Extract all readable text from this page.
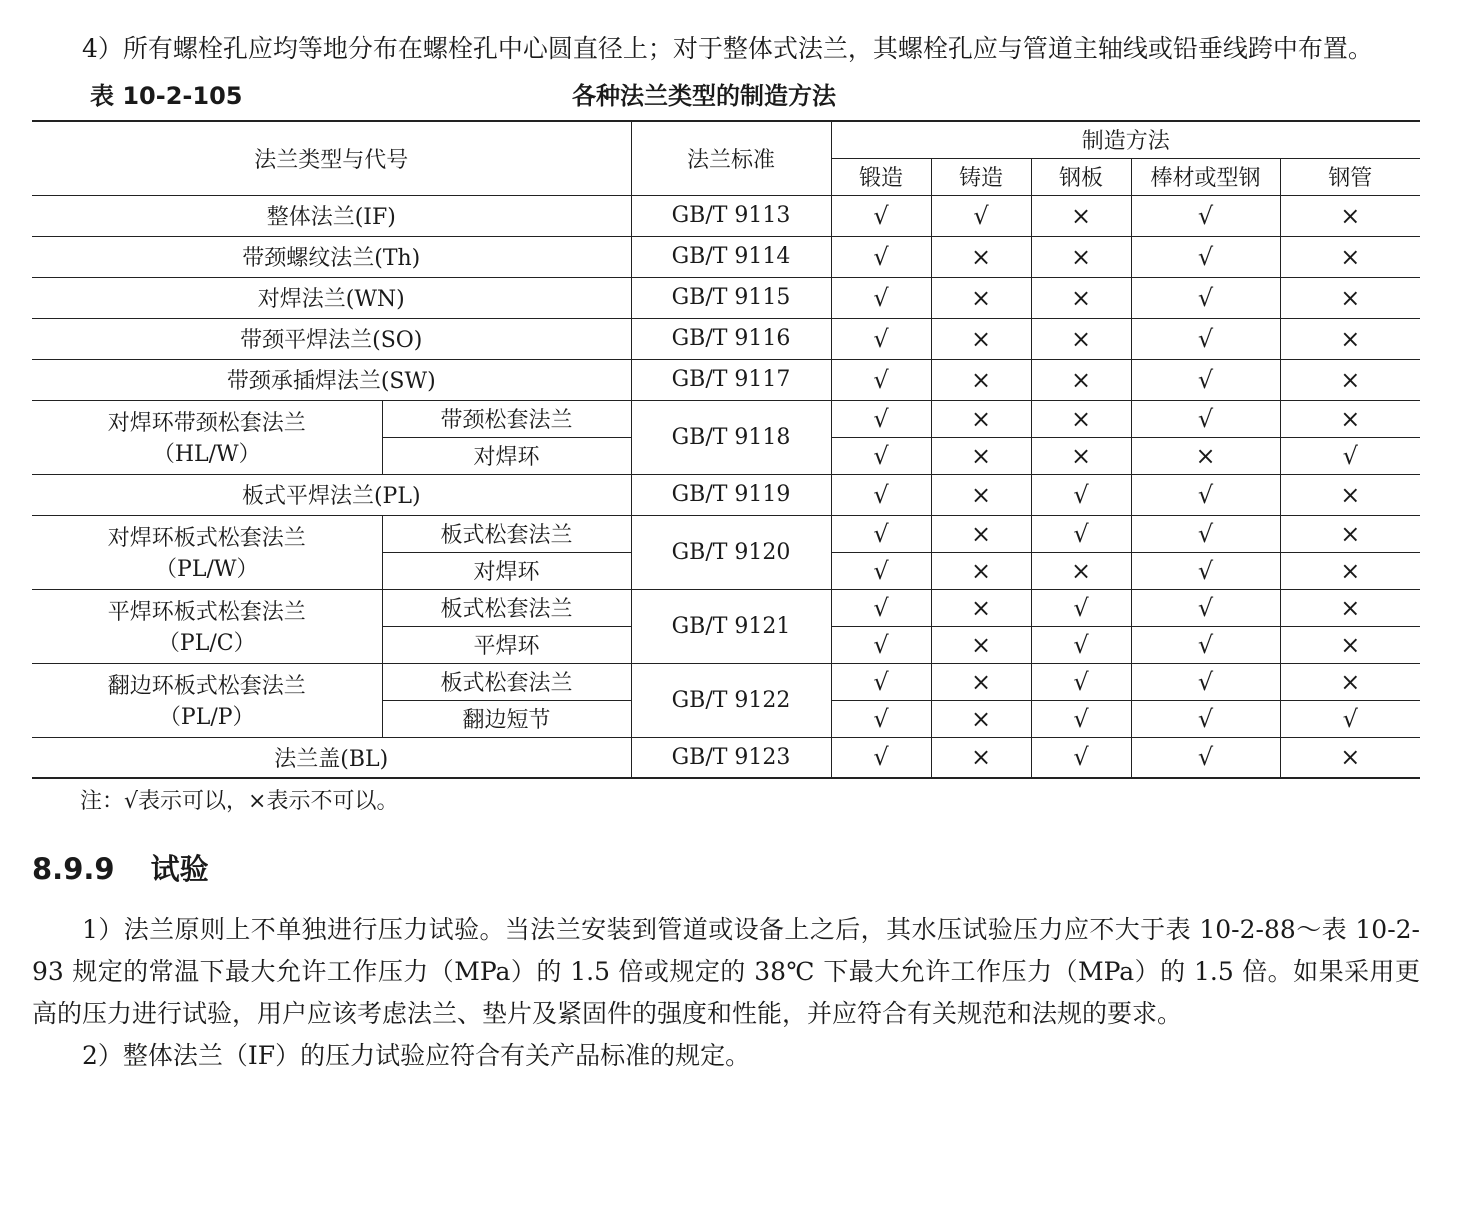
4）所有螺栓孔应均等地分布在螺栓孔中心圆直径上；对于整体式法兰，其螺栓孔应与管道主轴线或铅垂线跨中布置。

表 10-2-105	各种法兰类型的制造方法
法兰类型与代号		法兰标准	制造方法				
			锻造	铸造	钢板	棒材或型钢	钢管
整体法兰(IF)		GB/T 9113	√	√	×	√	×
带颈螺纹法兰(Th)		GB/T 9114	√	×	×	√	×
对焊法兰(WN)		GB/T 9115	√	×	×	√	×
带颈平焊法兰(SO)		GB/T 9116	√	×	×	√	×
带颈承插焊法兰(SW)		GB/T 9117	√	×	×	√	×

对焊环带颈松套法兰
（HL/W）	带颈松套法兰	GB/T 9118	√	×	×	√	×
	对焊环		√	×	×	×	√
板式平焊法兰(PL)		GB/T 9119	√	×	√	√	×

对焊环板式松套法兰
（PL/W）	板式松套法兰	GB/T 9120	√	×	√	√	×
	对焊环		√	×	×	√	×

平焊环板式松套法兰
（PL/C）	板式松套法兰	GB/T 9121	√	×	√	√	×
	平焊环		√	×	√	√	×

翻边环板式松套法兰
（PL/P）	板式松套法兰	GB/T 9122	√	×	√	√	×
	翻边短节		√	×	√	√	√
法兰盖(BL)		GB/T 9123	√	×	√	√	×
注：√表示可以，×表示不可以。
8.9.9 试验

1）法兰原则上不单独进行压力试验。当法兰安装到管道或设备上之后，其水压试验压力应不大于表 10-2-88～表 10-2-93 规定的常温下最大允许工作压力（MPa）的 1.5 倍或规定的 38℃ 下最大允许工作压力（MPa）的 1.5 倍。如果采用更高的压力进行试验，用户应该考虑法兰、垫片及紧固件的强度和性能，并应符合有关规范和法规的要求。

2）整体法兰（IF）的压力试验应符合有关产品标准的规定。
